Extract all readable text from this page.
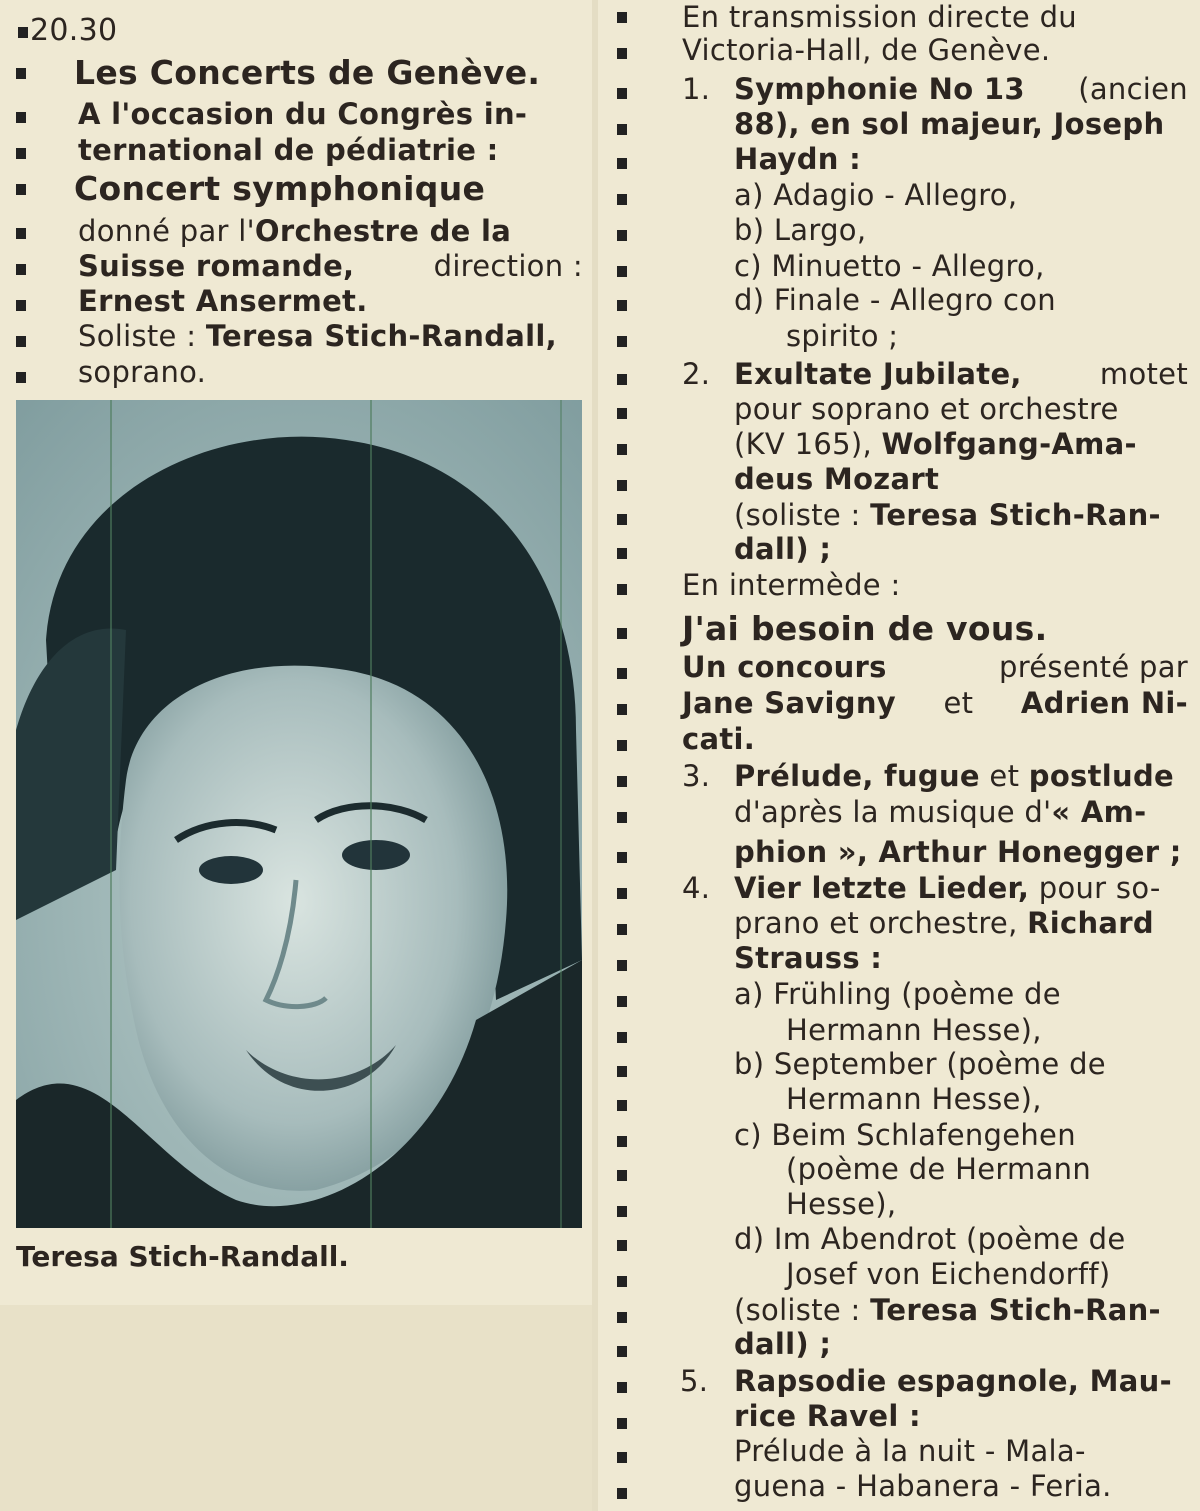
20.30
Les Concerts de Genève.
A l'occasion du Congrès in-
ternational de pédiatrie :
Concert symphonique
donné par l'Orchestre de la
Suisse romande,	direction :
Ernest Ansermet.
Soliste : Teresa Stich-Randall,
soprano.
Teresa Stich-Randall.
En transmission directe du
Victoria-Hall, de Genève.
1. Symphonie No 13 (ancien
88), en sol majeur, Joseph
Haydn :
a) Adagio - Allegro,
b) Largo,
c) Minuetto - Allegro,
d) Finale - Allegro con
spirito ;
2. Exultate Jubilate,	motet
pour soprano et orchestre
(KV 165), Wolfgang-Ama-
deus Mozart
(soliste : Teresa Stich-Ran-
dall) ;
En intermède :
J'ai besoin de vous.
Un concours	présenté par
Jane Savigny et Adrien Ni-
cati.
3. Prélude, fugue et postlude
d'après la musique d'« Am-
phion », Arthur Honegger ;
4. Vier letzte Lieder, pour so-
prano et orchestre, Richard
Strauss :
a) Frühling (poème de
Hermann Hesse),
b) September (poème de
Hermann Hesse),
c) Beim Schlafengehen
(poème de Hermann
Hesse),
d) Im Abendrot (poème de
Josef von Eichendorff)
(soliste : Teresa Stich-Ran-
dall) ;
5. Rapsodie espagnole, Mau-
rice Ravel :
Prélude à la nuit - Mala-
guena - Habanera - Feria.
